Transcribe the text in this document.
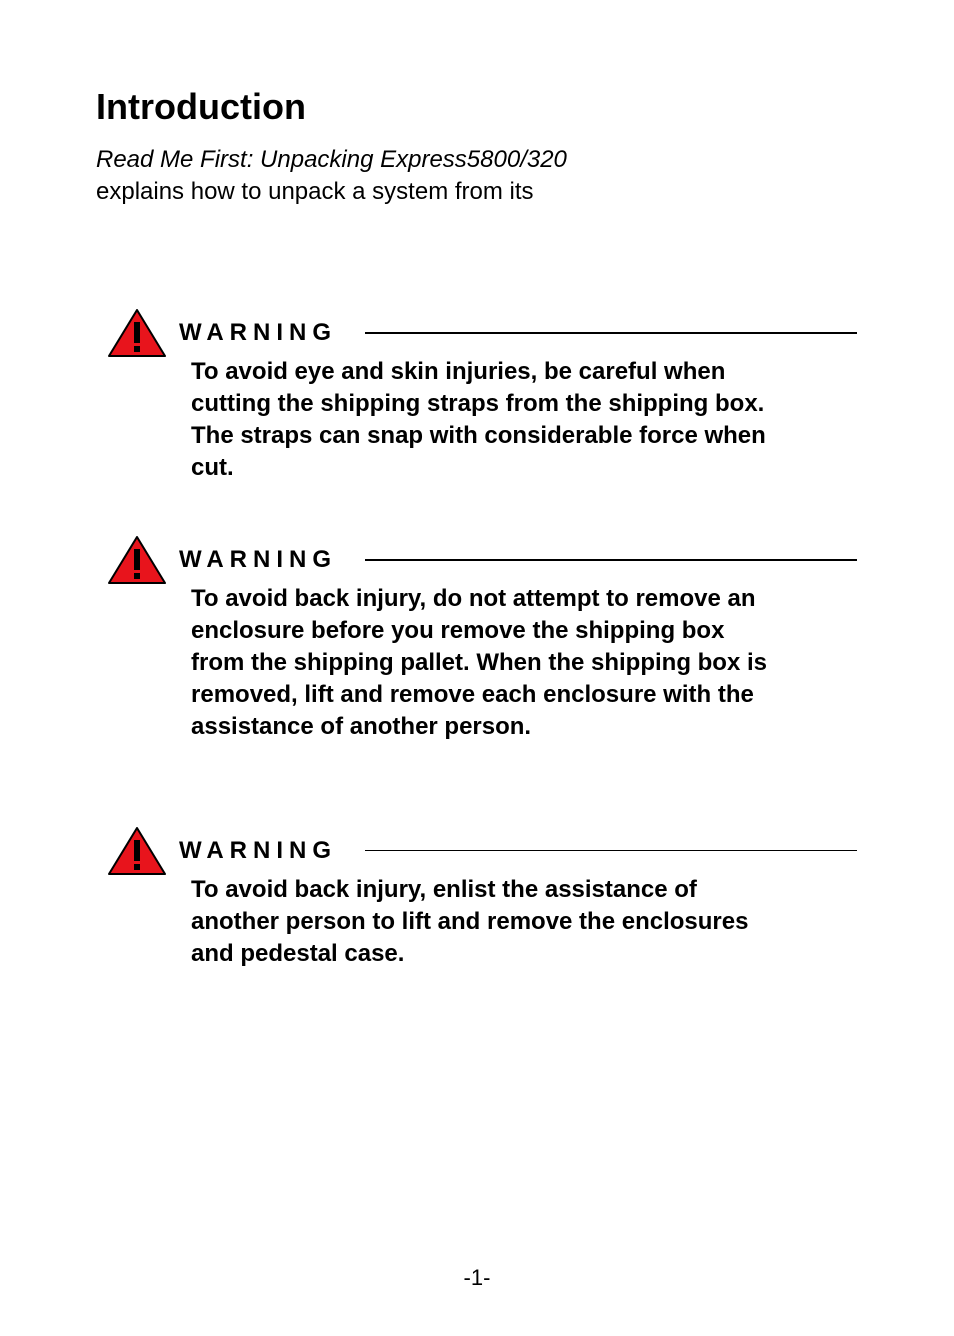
Introduction

Read Me First: Unpacking Express5800/320
explains how to unpack a system from its

WARNING

To avoid eye and skin injuries, be careful when cutting the shipping straps from the shipping box. The straps can snap with considerable force when cut.

WARNING

To avoid back injury, do not attempt to remove an enclosure before you remove the shipping box from the shipping pallet. When the shipping box is removed, lift and remove each enclosure with the assistance of another person.

WARNING

To avoid back injury, enlist the assistance of another person to lift and remove the enclosures and pedestal case.

-1-
